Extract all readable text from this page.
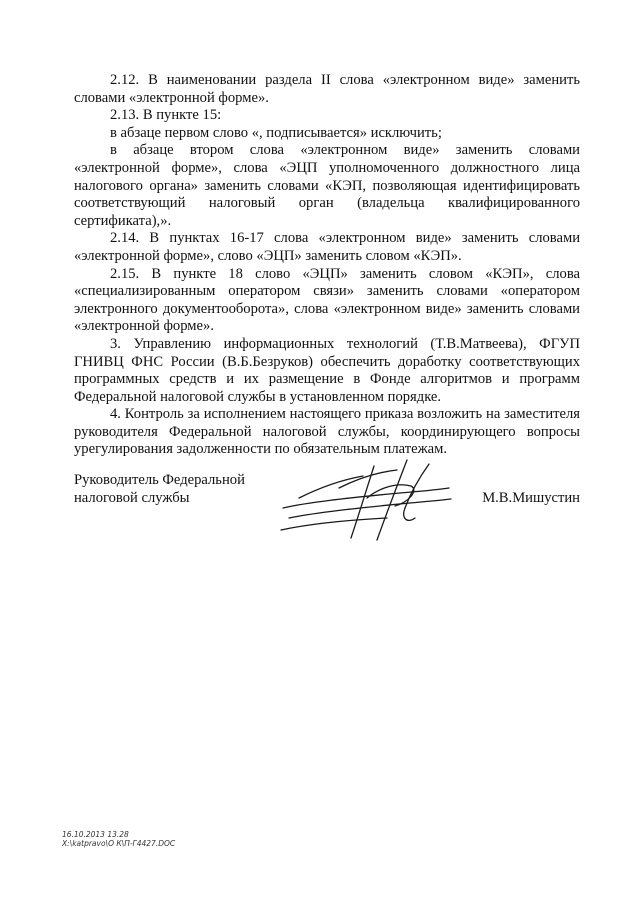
2.12. В наименовании раздела II слова «электронном виде» заменить словами «электронной форме».

2.13. В пункте 15:

в абзаце первом слово «, подписывается» исключить;

в абзаце втором слова «электронном виде» заменить словами «электронной форме», слова «ЭЦП уполномоченного должностного лица налогового органа» заменить словами «КЭП, позволяющая идентифицировать соответствующий налоговый орган (владельца квалифицированного сертификата),».

2.14. В пунктах 16-17 слова «электронном виде» заменить словами «электронной форме», слово «ЭЦП» заменить словом «КЭП».

2.15. В пункте 18 слово «ЭЦП» заменить словом «КЭП», слова «специализированным оператором связи» заменить словами «оператором электронного документооборота», слова «электронном виде» заменить словами «электронной форме».

3. Управлению информационных технологий (Т.В.Матвеева), ФГУП ГНИВЦ ФНС России (В.Б.Безруков) обеспечить доработку соответствующих программных средств и их размещение в Фонде алгоритмов и программ Федеральной налоговой службы в установленном порядке.

4. Контроль за исполнением настоящего приказа возложить на заместителя руководителя Федеральной налоговой службы, координирующего вопросы урегулирования задолженности по обязательным платежам.

Руководитель Федеральной
налоговой службы	М.В.Мишустин
16.10.2013 13.28
X:\katpravo\О К\П-Г4427.DOC
